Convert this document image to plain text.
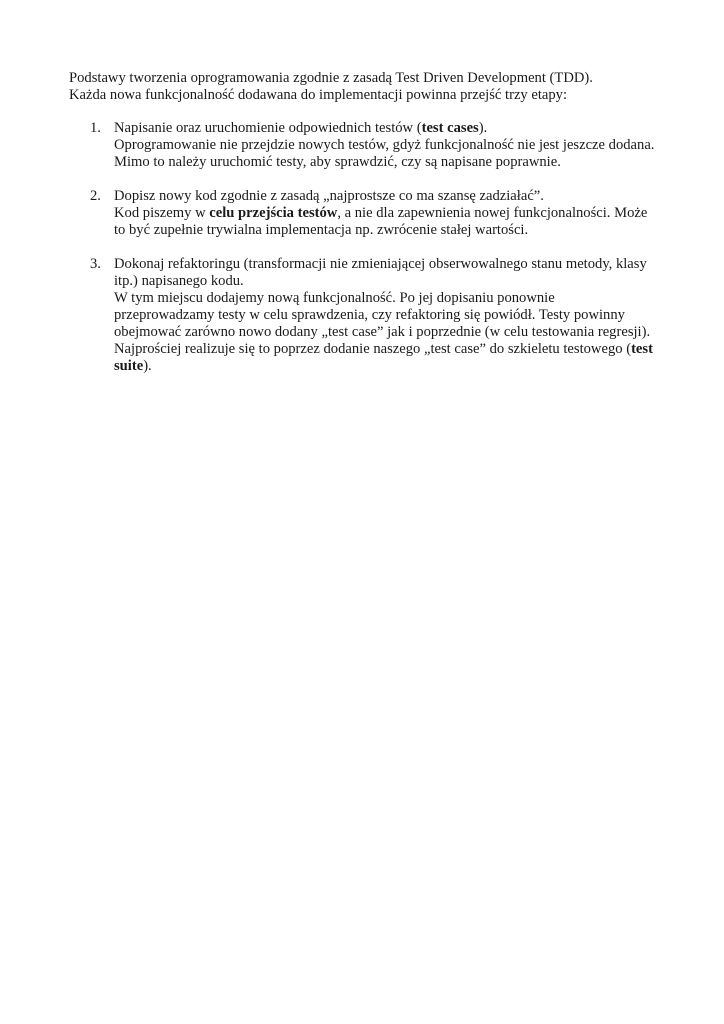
Podstawy tworzenia oprogramowania zgodnie z zasadą Test Driven Development (TDD).
Każda nowa funkcjonalność dodawana do implementacji powinna przejść trzy etapy:
1. Napisanie oraz uruchomienie odpowiednich testów (test cases).
Oprogramowanie nie przejdzie nowych testów, gdyż funkcjonalność nie jest jeszcze dodana.
Mimo to należy uruchomić testy, aby sprawdzić, czy są napisane poprawnie.
2. Dopisz nowy kod zgodnie z zasadą „najprostsze co ma szansę zadziałać”.
Kod piszemy w celu przejścia testów, a nie dla zapewnienia nowej funkcjonalności. Może
to być zupełnie trywialna implementacja np. zwrócenie stałej wartości.
3. Dokonaj refaktoringu (transformacji nie zmieniającej obserwowalnego stanu metody, klasy
itp.) napisanego kodu.
W tym miejscu dodajemy nową funkcjonalność. Po jej dopisaniu ponownie
przeprowadzamy testy w celu sprawdzenia, czy refaktoring się powiódł. Testy powinny
obejmować zarówno nowo dodany „test case” jak i poprzednie (w celu testowania regresji).
Najprościej realizuje się to poprzez dodanie naszego „test case” do szkieletu testowego (test
suite).
